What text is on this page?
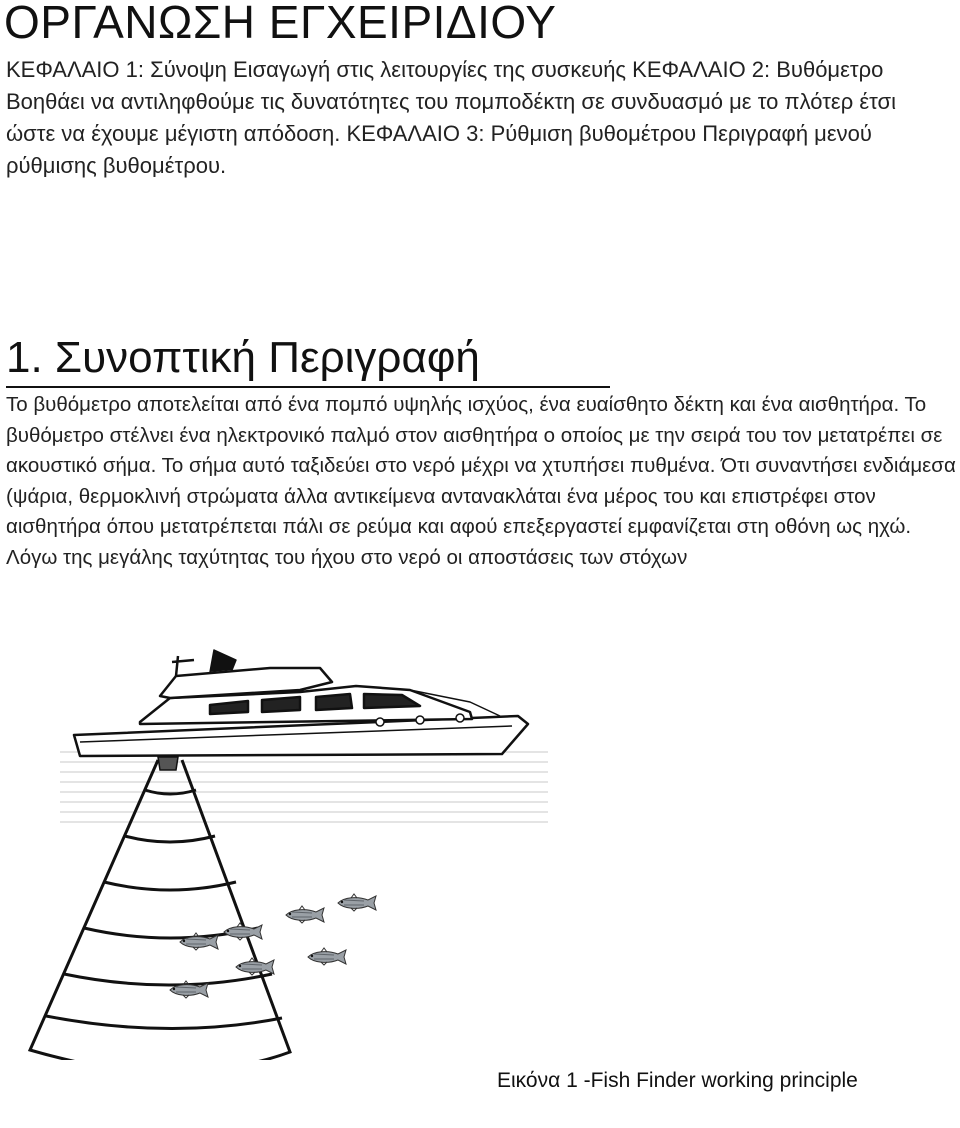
ΟΡΓΑΝΩΣΗ ΕΓΧΕΙΡΙΔΙΟΥ

ΚΕΦΑΛΑΙΟ 1: Σύνοψη Εισαγωγή στις λειτουργίες της συσκευής ΚΕΦΑΛΑΙΟ 2: Βυθόμετρο Βοηθάει να αντιληφθούμε τις δυνατότητες του πομποδέκτη σε συνδυασμό με το πλότερ έτσι ώστε να έχουμε μέγιστη απόδοση. ΚΕΦΑΛΑΙΟ 3: Ρύθμιση βυθομέτρου Περιγραφή μενού ρύθμισης βυθομέτρου.

1. Συνοπτική Περιγραφή

Το βυθόμετρο αποτελείται από ένα πομπό υψηλής ισχύος, ένα ευαίσθητο δέκτη και ένα αισθητήρα. Το βυθόμετρο στέλνει ένα ηλεκτρονικό παλμό στον αισθητήρα ο οποίος με την σειρά του τον μετατρέπει σε ακουστικό σήμα. Το σήμα αυτό ταξιδεύει στο νερό μέχρι να χτυπήσει πυθμένα. Ότι συναντήσει ενδιάμεσα (ψάρια, θερμοκλινή στρώματα άλλα αντικείμενα αντανακλάται ένα μέρος του και επιστρέφει στον αισθητήρα όπου μετατρέπεται πάλι σε ρεύμα και αφού επεξεργαστεί εμφανίζεται στη οθόνη ως ηχώ. Λόγω της μεγάλης ταχύτητας του ήχου στο νερό οι αποστάσεις των στόχων

Εικόνα 1 -Fish Finder working principle
